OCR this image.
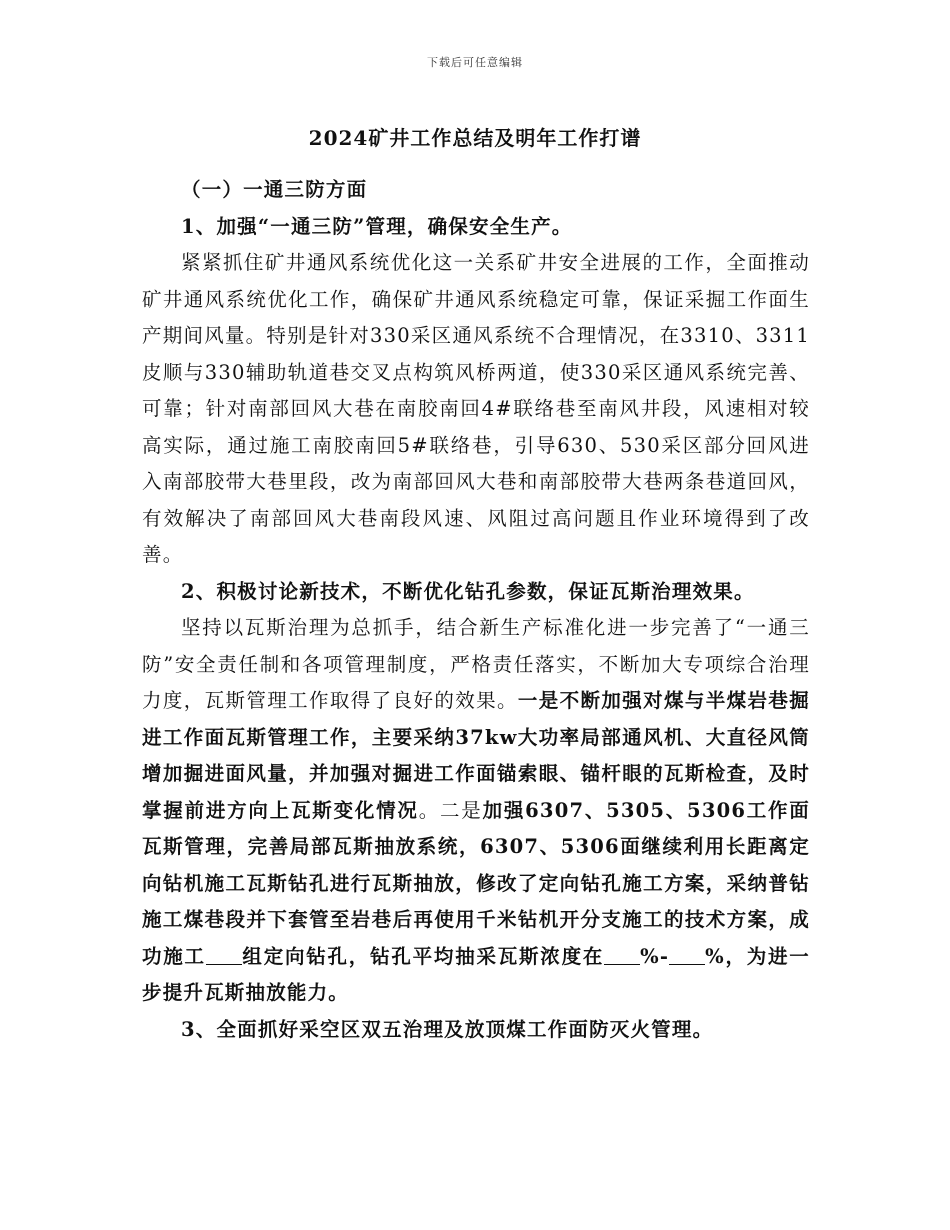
下载后可任意编辑
2024矿井工作总结及明年工作打谱

（一）一通三防方面

1、加强“一通三防”管理，确保安全生产。

紧紧抓住矿井通风系统优化这一关系矿井安全进展的工作，全面推动矿井通风系统优化工作，确保矿井通风系统稳定可靠，保证采掘工作面生产期间风量。特别是针对330采区通风系统不合理情况，在3310、3311皮顺与330辅助轨道巷交叉点构筑风桥两道，使330采区通风系统完善、可靠；针对南部回风大巷在南胶南回4#联络巷至南风井段，风速相对较高实际，通过施工南胶南回5#联络巷，引导630、530采区部分回风进入南部胶带大巷里段，改为南部回风大巷和南部胶带大巷两条巷道回风，有效解决了南部回风大巷南段风速、风阻过高问题且作业环境得到了改善。

2、积极讨论新技术，不断优化钻孔参数，保证瓦斯治理效果。

坚持以瓦斯治理为总抓手，结合新生产标准化进一步完善了“一通三防”安全责任制和各项管理制度，严格责任落实，不断加大专项综合治理力度，瓦斯管理工作取得了良好的效果。一是不断加强对煤与半煤岩巷掘进工作面瓦斯管理工作，主要采纳37kw大功率局部通风机、大直径风筒增加掘进面风量，并加强对掘进工作面锚索眼、锚杆眼的瓦斯检查，及时掌握前进方向上瓦斯变化情况。二是加强6307、5305、5306工作面瓦斯管理，完善局部瓦斯抽放系统，6307、5306面继续利用长距离定向钻机施工瓦斯钻孔进行瓦斯抽放，修改了定向钻孔施工方案，采纳普钻施工煤巷段并下套管至岩巷后再使用千米钻机开分支施工的技术方案，成功施工 组定向钻孔，钻孔平均抽采瓦斯浓度在 %- %，为进一步提升瓦斯抽放能力。

3、全面抓好采空区双五治理及放顶煤工作面防灭火管理。
